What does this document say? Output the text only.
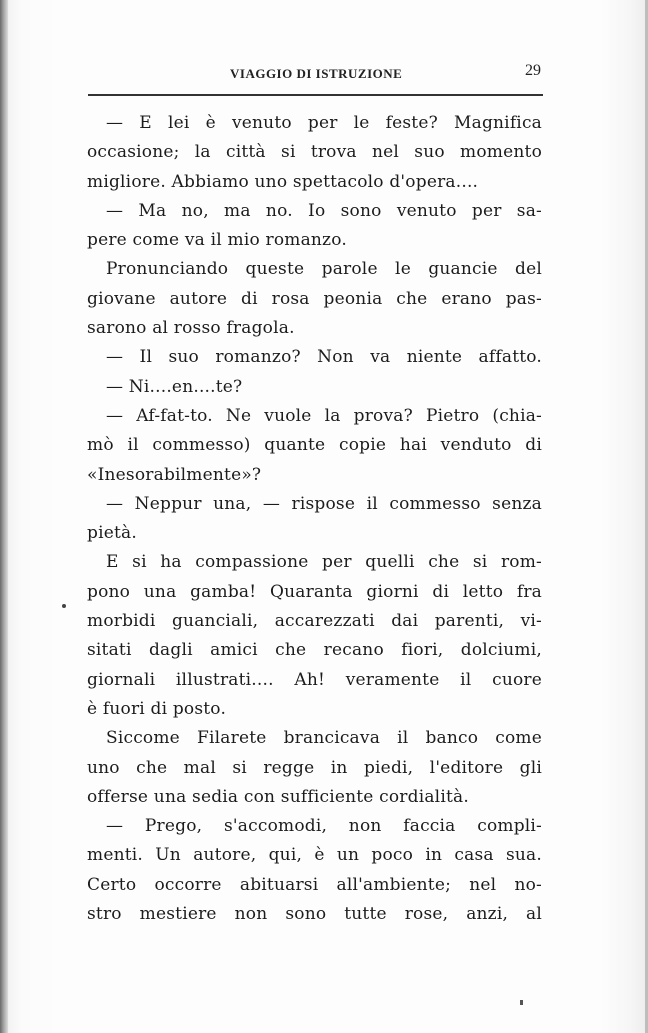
VIAGGIO DI ISTRUZIONE	29
— E lei è venuto per le feste? Magnifica
occasione; la città si trova nel suo momento
migliore. Abbiamo uno spettacolo d'opera....
— Ma no, ma no. Io sono venuto per sa-
pere come va il mio romanzo.
Pronunciando queste parole le guancie del
giovane autore di rosa peonia che erano pas-
sarono al rosso fragola.
— Il suo romanzo? Non va niente affatto.
— Ni....en....te?
— Af-fat-to. Ne vuole la prova? Pietro (chia-
mò il commesso) quante copie hai venduto di
«Inesorabilmente»?
— Neppur una, — rispose il commesso senza
pietà.
E si ha compassione per quelli che si rom-
pono una gamba! Quaranta giorni di letto fra
morbidi guanciali, accarezzati dai parenti, vi-
sitati dagli amici che recano fiori, dolciumi,
giornali illustrati.... Ah! veramente il cuore
è fuori di posto.
Siccome Filarete brancicava il banco come
uno che mal si regge in piedi, l'editore gli
offerse una sedia con sufficiente cordialità.
— Prego, s'accomodi, non faccia compli-
menti. Un autore, qui, è un poco in casa sua.
Certo occorre abituarsi all'ambiente; nel no-
stro mestiere non sono tutte rose, anzi, al
